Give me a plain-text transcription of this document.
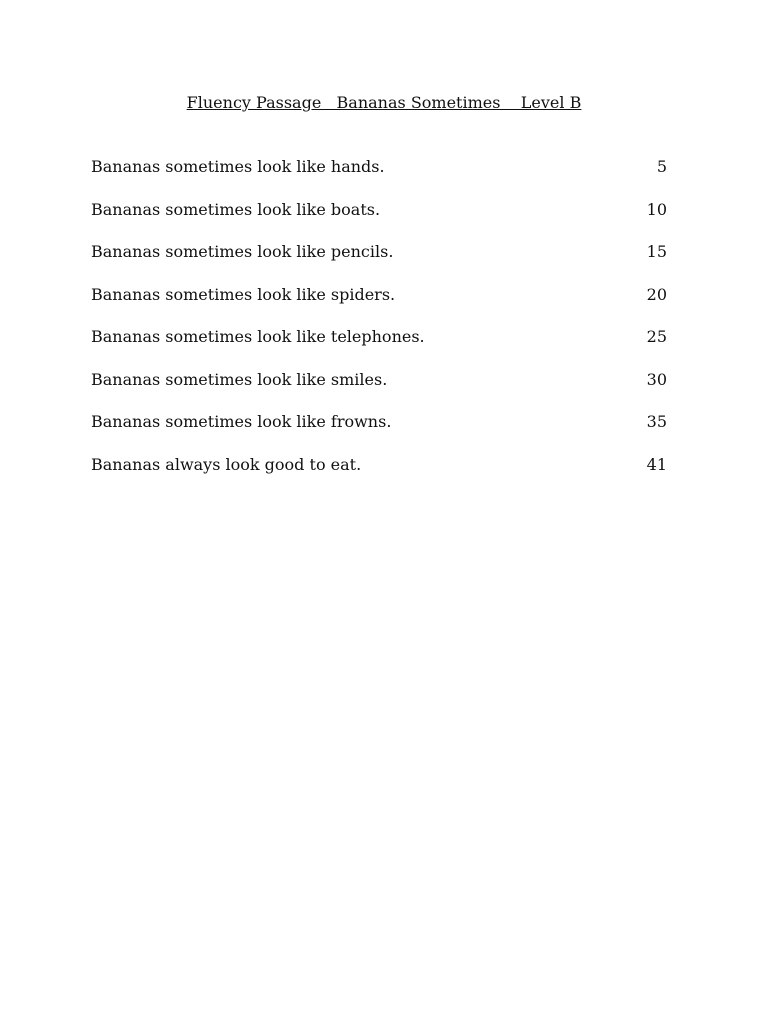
Fluency Passage   Bananas Sometimes    Level B
Bananas sometimes look like hands.	5
Bananas sometimes look like boats.	10
Bananas sometimes look like pencils.	15
Bananas sometimes look like spiders.	20
Bananas sometimes look like telephones.	25
Bananas sometimes look like smiles.	30
Bananas sometimes look like frowns.	35
Bananas always look good to eat.	41
